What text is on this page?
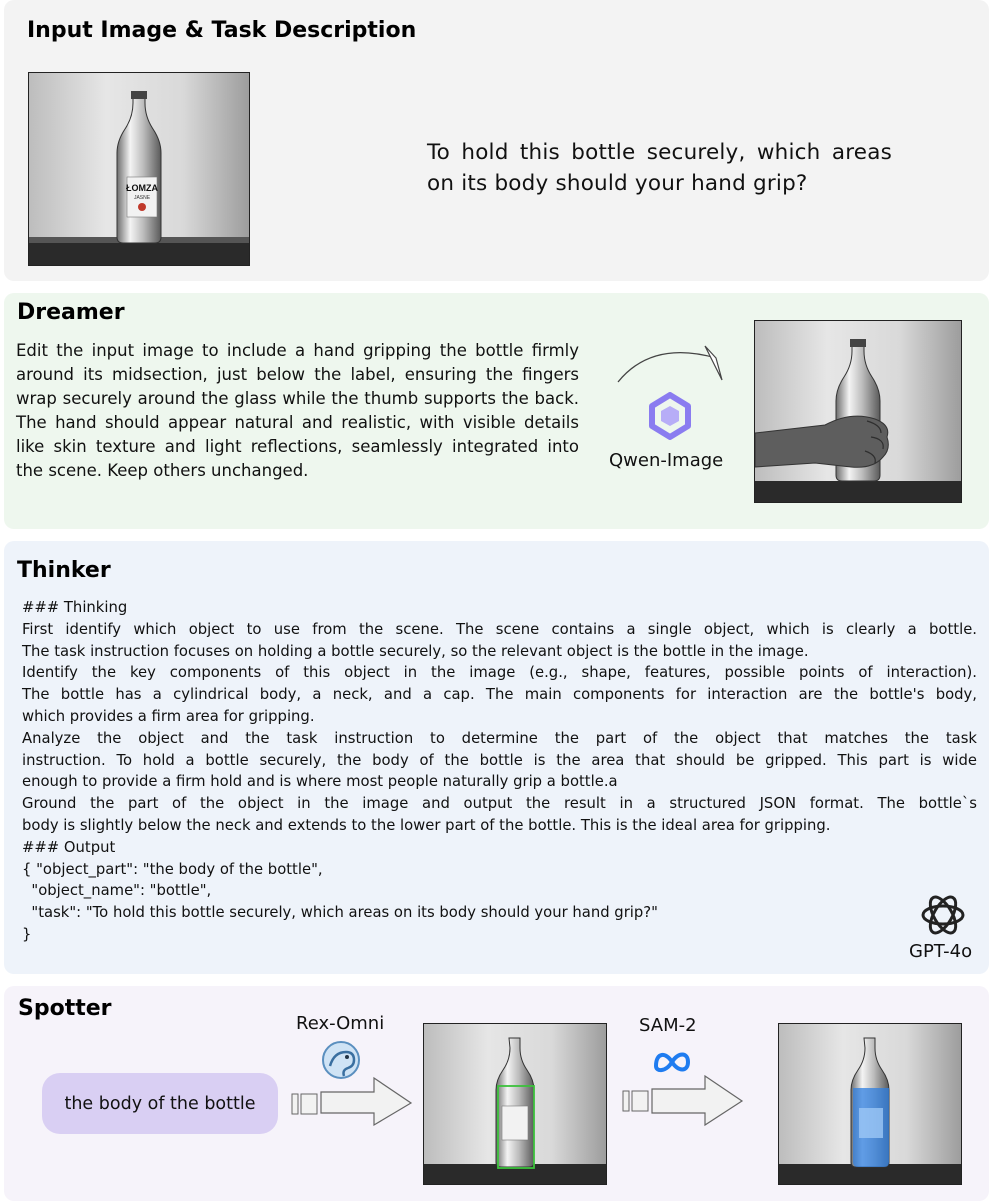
Input Image & Task Description
ŁOMZA
JASNE
To hold this bottle securely, which areas on its body should your hand grip?
Dreamer
Edit the input image to include a hand gripping the bottle firmly around its midsection, just below the label, ensuring the fingers wrap securely around the glass while the thumb supports the back. The hand should appear natural and realistic, with visible details like skin texture and light reflections, seamlessly integrated into the scene. Keep others unchanged.	Qwen-Image
Thinker
### Thinking
First identify which object to use from the scene. The scene contains a single object, which is clearly a bottle.
The task instruction focuses on holding a bottle securely, so the relevant object is the bottle in the image.
Identify the key components of this object in the image (e.g., shape, features, possible points of interaction).
The bottle has a cylindrical body, a neck, and a cap. The main components for interaction are the bottle's body,
which provides a firm area for gripping.
Analyze the object and the task instruction to determine the part of the object that matches the task
instruction. To hold a bottle securely, the body of the bottle is the area that should be gripped. This part is wide
enough to provide a firm hold and is where most people naturally grip a bottle.a
Ground the part of the object in the image and output the result in a structured JSON format. The bottle`s
body is slightly below the neck and extends to the lower part of the bottle. This is the ideal area for gripping.
### Output
{ "object_part": "the body of the bottle",
"object_name": "bottle",
"task": "To hold this bottle securely, which areas on its body should your hand grip?"
}
GPT-4o
Spotter
the body of the bottle
Rex-Omni	SAM-2
